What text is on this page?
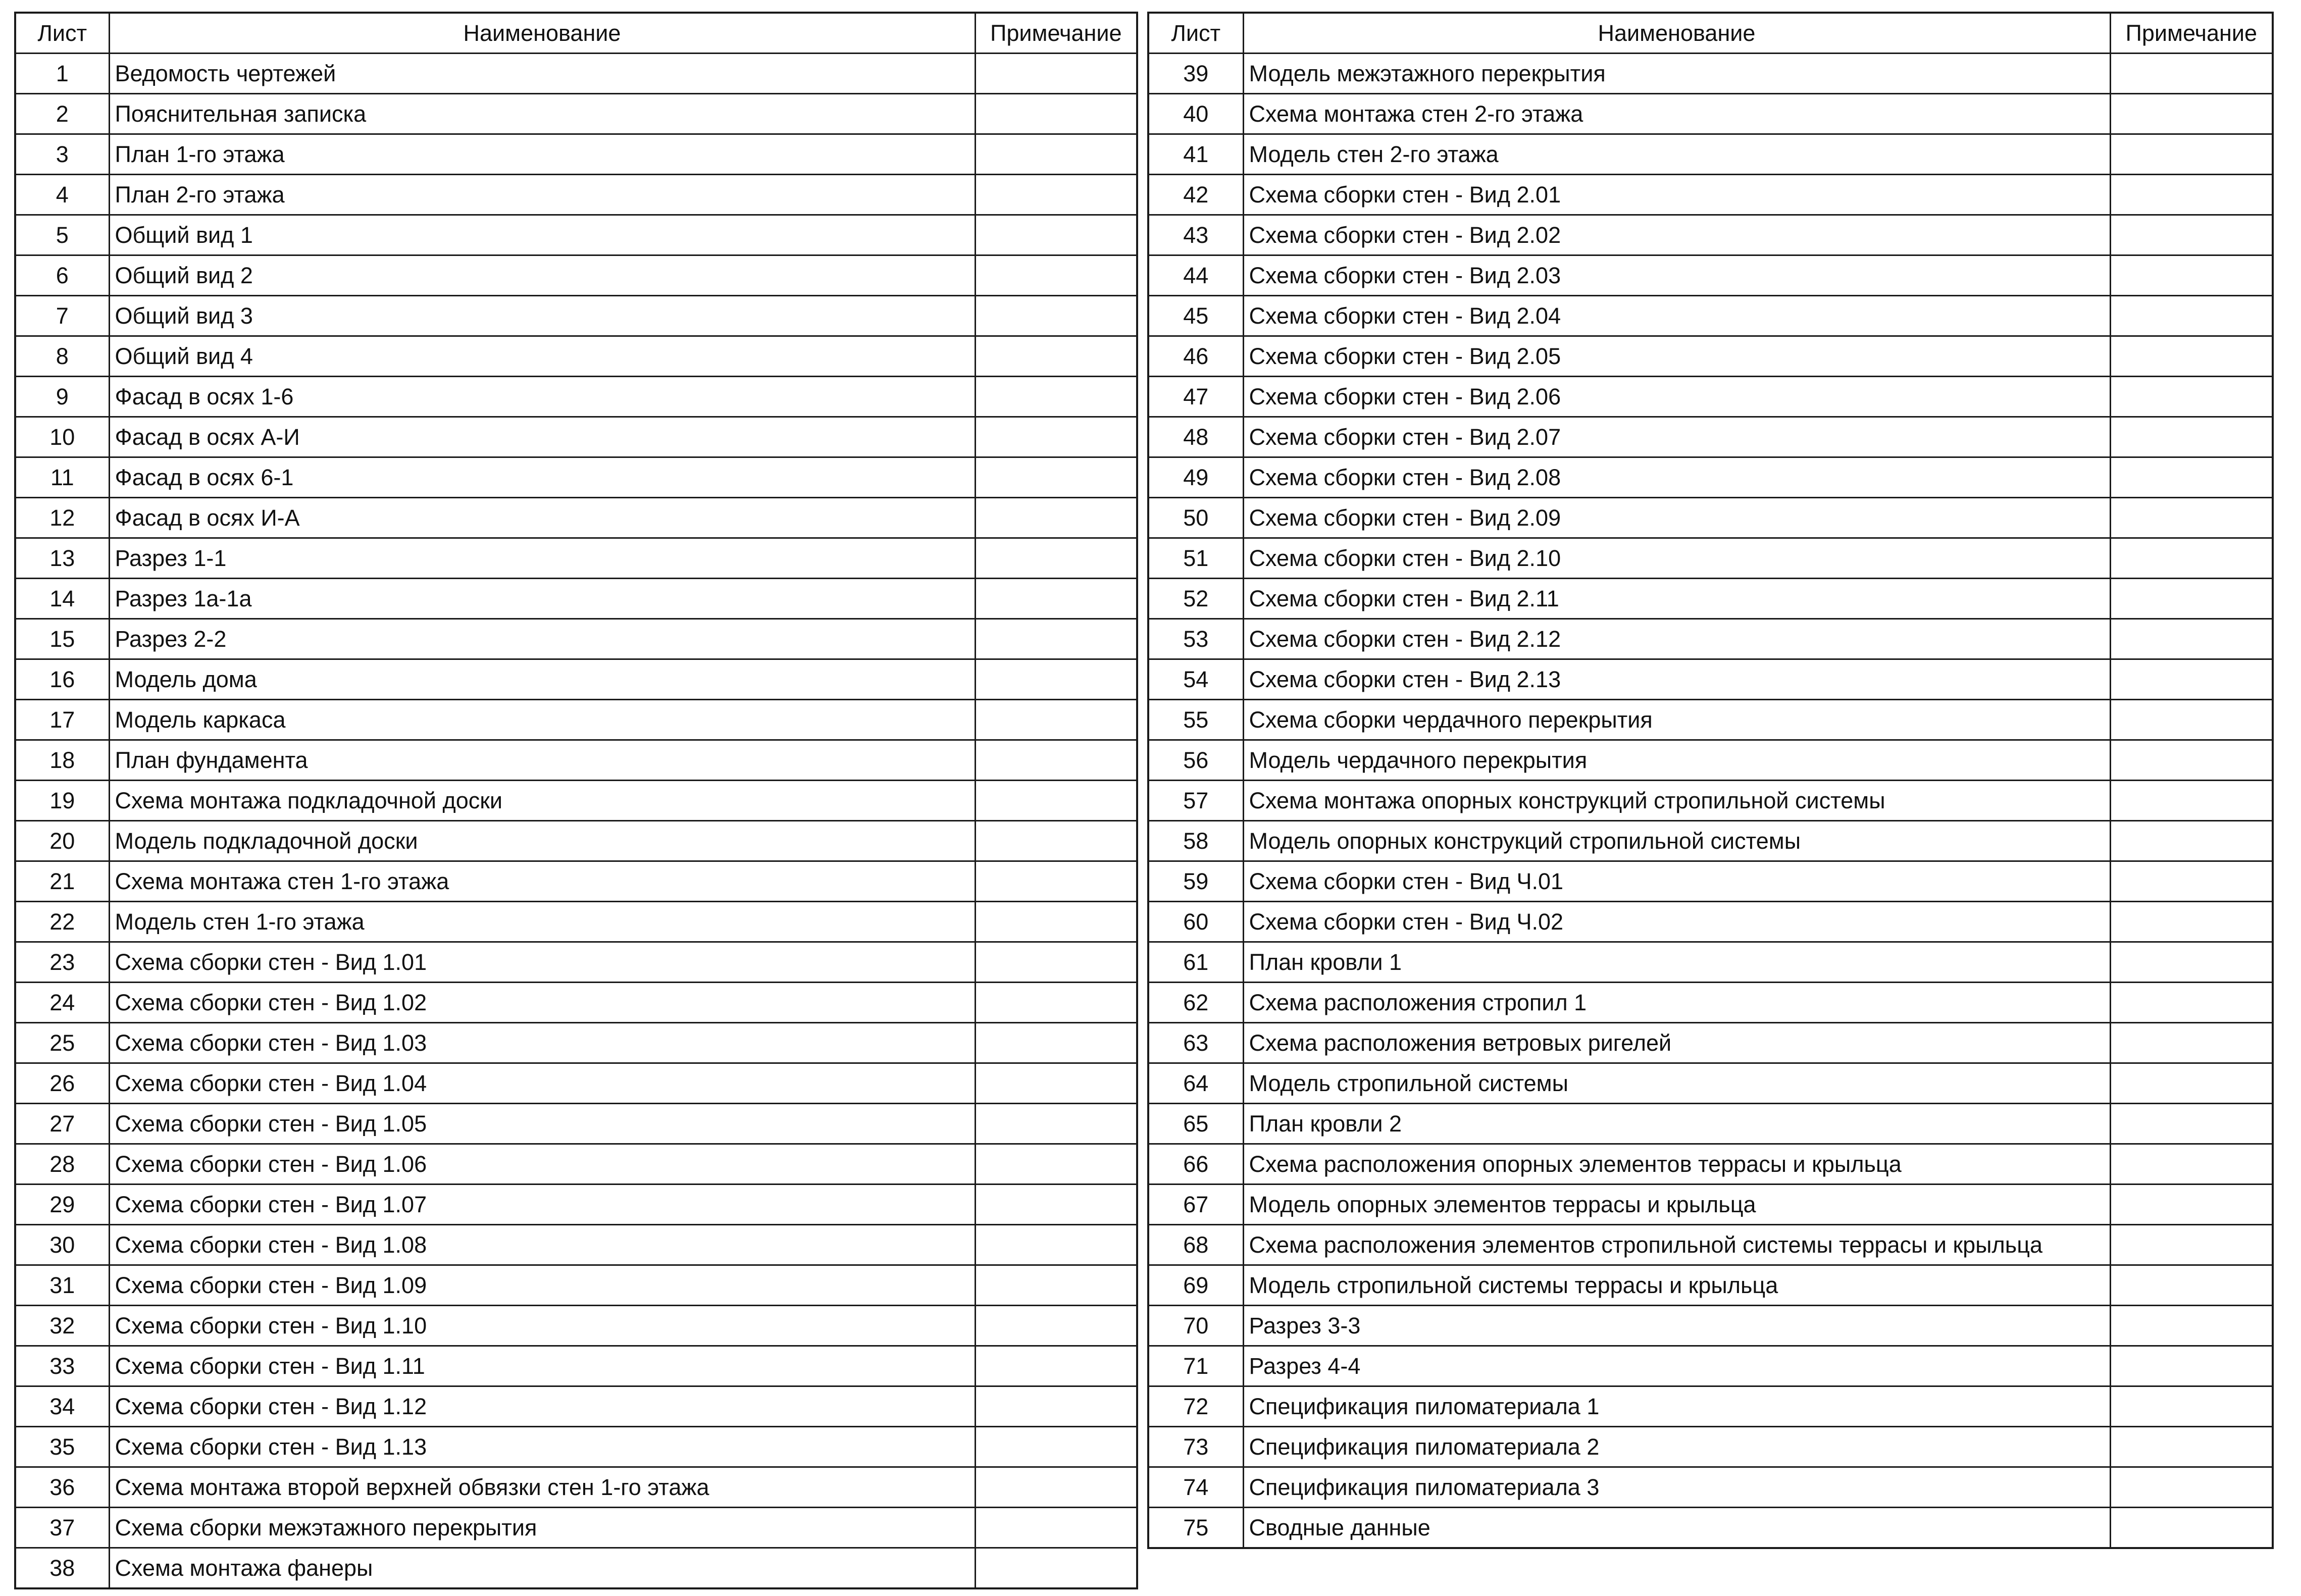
Лист	Наименование	Примечание
1	Ведомость чертежей	
2	Пояснительная записка	
3	План 1-го этажа	
4	План 2-го этажа	
5	Общий вид 1	
6	Общий вид 2	
7	Общий вид 3	
8	Общий вид 4	
9	Фасад в осях 1-6	
10	Фасад в осях А-И	
11	Фасад в осях 6-1	
12	Фасад в осях И-А	
13	Разрез 1-1	
14	Разрез 1а-1а	
15	Разрез 2-2	
16	Модель дома	
17	Модель каркаса	
18	План фундамента	
19	Схема монтажа подкладочной доски	
20	Модель подкладочной доски	
21	Схема монтажа стен 1-го этажа	
22	Модель стен 1-го этажа	
23	Схема сборки стен - Вид 1.01	
24	Схема сборки стен - Вид 1.02	
25	Схема сборки стен - Вид 1.03	
26	Схема сборки стен - Вид 1.04	
27	Схема сборки стен - Вид 1.05	
28	Схема сборки стен - Вид 1.06	
29	Схема сборки стен - Вид 1.07	
30	Схема сборки стен - Вид 1.08	
31	Схема сборки стен - Вид 1.09	
32	Схема сборки стен - Вид 1.10	
33	Схема сборки стен - Вид 1.11	
34	Схема сборки стен - Вид 1.12	
35	Схема сборки стен - Вид 1.13	
36	Схема монтажа второй верхней обвязки стен 1-го этажа	
37	Схема сборки межэтажного перекрытия	
38	Схема монтажа фанеры	
Лист	Наименование	Примечание
39	Модель межэтажного перекрытия	
40	Схема монтажа стен 2-го этажа	
41	Модель стен 2-го этажа	
42	Схема сборки стен - Вид 2.01	
43	Схема сборки стен - Вид 2.02	
44	Схема сборки стен - Вид 2.03	
45	Схема сборки стен - Вид 2.04	
46	Схема сборки стен - Вид 2.05	
47	Схема сборки стен - Вид 2.06	
48	Схема сборки стен - Вид 2.07	
49	Схема сборки стен - Вид 2.08	
50	Схема сборки стен - Вид 2.09	
51	Схема сборки стен - Вид 2.10	
52	Схема сборки стен - Вид 2.11	
53	Схема сборки стен - Вид 2.12	
54	Схема сборки стен - Вид 2.13	
55	Схема сборки чердачного перекрытия	
56	Модель чердачного перекрытия	
57	Схема монтажа опорных конструкций стропильной системы	
58	Модель опорных конструкций стропильной системы	
59	Схема сборки стен - Вид Ч.01	
60	Схема сборки стен - Вид Ч.02	
61	План кровли 1	
62	Схема расположения стропил 1	
63	Схема расположения ветровых ригелей	
64	Модель стропильной системы	
65	План кровли 2	
66	Схема расположения опорных элементов террасы и крыльца	
67	Модель опорных элементов террасы и крыльца	
68	Схема расположения элементов стропильной системы террасы и крыльца	
69	Модель стропильной системы террасы и крыльца	
70	Разрез 3-3	
71	Разрез 4-4	
72	Спецификация пиломатериала 1	
73	Спецификация пиломатериала 2	
74	Спецификация пиломатериала 3	
75	Сводные данные	
